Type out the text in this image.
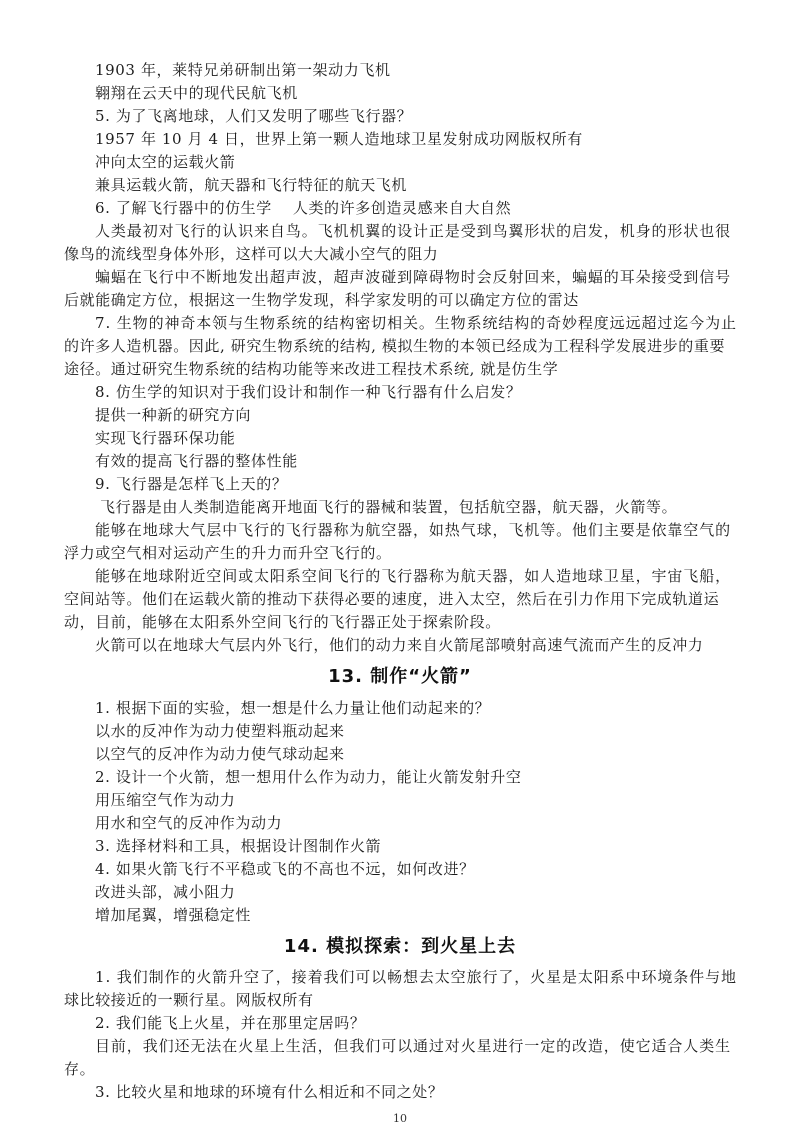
1903 年，莱特兄弟研制出第一架动力飞机
翱翔在云天中的现代民航飞机
5. 为了飞离地球，人们又发明了哪些飞行器？
1957 年 10 月 4 日，世界上第一颗人造地球卫星发射成功网版权所有
冲向太空的运载火箭
兼具运载火箭，航天器和飞行特征的航天飞机
6. 了解飞行器中的仿生学　 人类的许多创造灵感来自大自然
人类最初对飞行的认识来自鸟。飞机机翼的设计正是受到鸟翼形状的启发，机身的形状也很
像鸟的流线型身体外形，这样可以大大减小空气的阻力
蝙蝠在飞行中不断地发出超声波，超声波碰到障碍物时会反射回来，蝙蝠的耳朵接受到信号
后就能确定方位，根据这一生物学发现，科学家发明的可以确定方位的雷达
7. 生物的神奇本领与生物系统的结构密切相关。生物系统结构的奇妙程度远远超过迄今为止
的许多人造机器。因此, 研究生物系统的结构, 模拟生物的本领已经成为工程科学发展进步的重要
途径。通过研究生物系统的结构功能等来改进工程技术系统, 就是仿生学
8. 仿生学的知识对于我们设计和制作一种飞行器有什么启发？
提供一种新的研究方向
实现飞行器环保功能
有效的提高飞行器的整体性能
9. 飞行器是怎样飞上天的？
飞行器是由人类制造能离开地面飞行的器械和装置，包括航空器，航天器，火箭等。
能够在地球大气层中飞行的飞行器称为航空器，如热气球，飞机等。他们主要是依靠空气的
浮力或空气相对运动产生的升力而升空飞行的。
能够在地球附近空间或太阳系空间飞行的飞行器称为航天器，如人造地球卫星，宇宙飞船，
空间站等。他们在运载火箭的推动下获得必要的速度，进入太空，然后在引力作用下完成轨道运
动，目前，能够在太阳系外空间飞行的飞行器正处于探索阶段。
火箭可以在地球大气层内外飞行，他们的动力来自火箭尾部喷射高速气流而产生的反冲力
13. 制作“火箭”
1. 根据下面的实验，想一想是什么力量让他们动起来的？
以水的反冲作为动力使塑料瓶动起来
以空气的反冲作为动力使气球动起来
2. 设计一个火箭，想一想用什么作为动力，能让火箭发射升空
用压缩空气作为动力
用水和空气的反冲作为动力
3. 选择材料和工具，根据设计图制作火箭
4. 如果火箭飞行不平稳或飞的不高也不远，如何改进？
改进头部，减小阻力
增加尾翼，增强稳定性
14. 模拟探索：到火星上去
1. 我们制作的火箭升空了，接着我们可以畅想去太空旅行了，火星是太阳系中环境条件与地
球比较接近的一颗行星。网版权所有
2. 我们能飞上火星，并在那里定居吗？
目前，我们还无法在火星上生活，但我们可以通过对火星进行一定的改造，使它适合人类生
存。
3. 比较火星和地球的环境有什么相近和不同之处？
10
